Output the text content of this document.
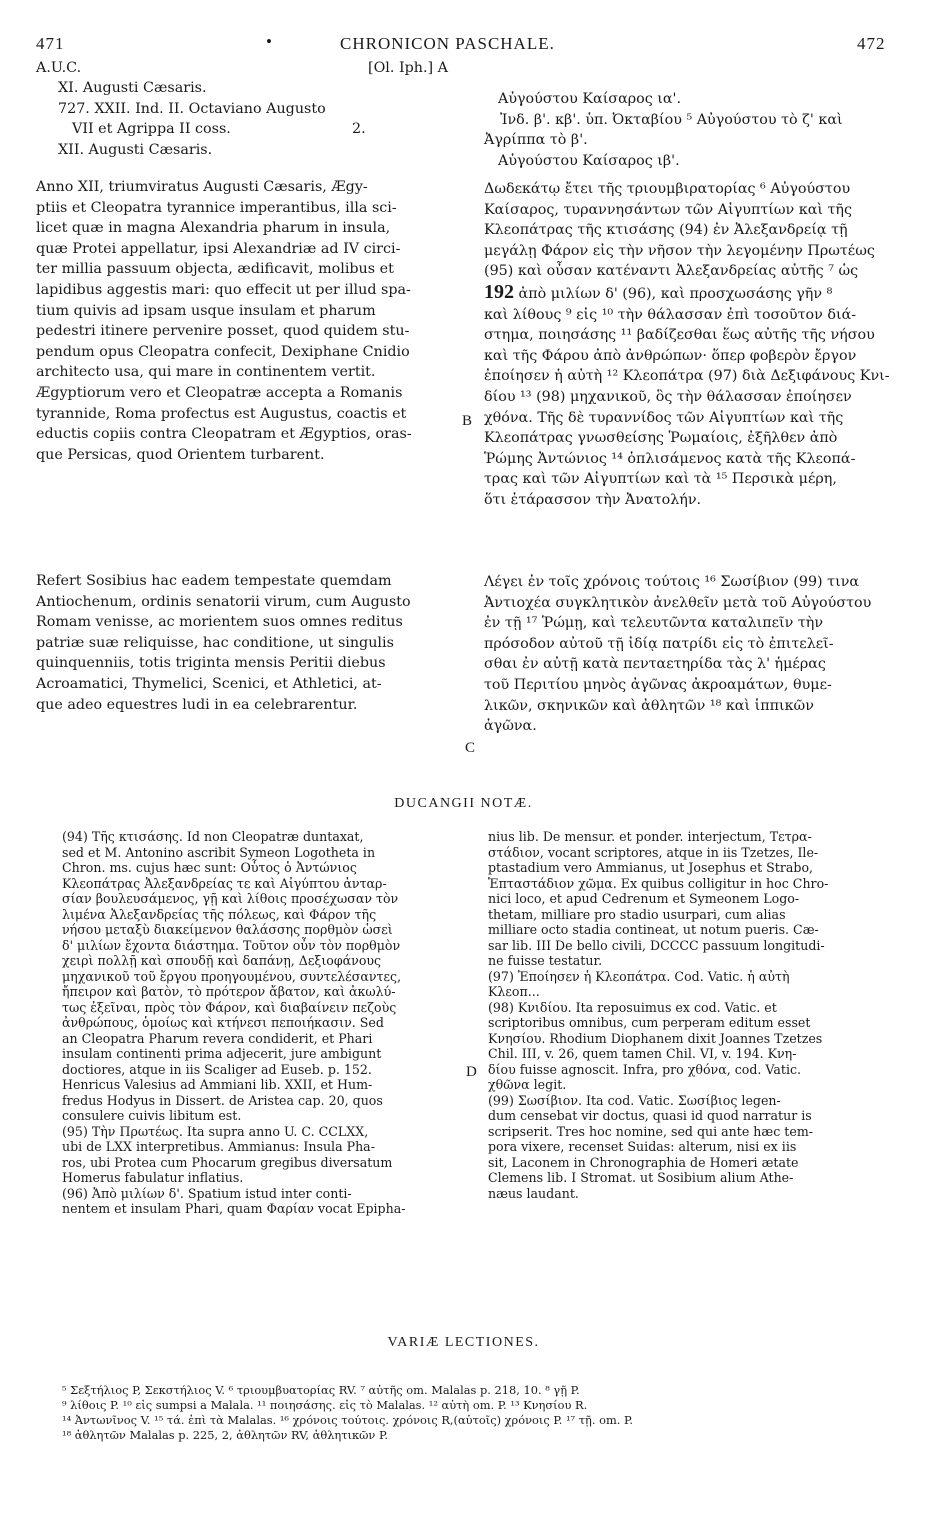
471	•	CHRONICON PASCHALE.	472
A.U.C.	[Ol. Iph.] A
XI. Augusti Cæsaris.
727. XXII. Ind. II. Octaviano Augusto
VII et Agrippa II coss.	2.
XII. Augusti Cæsaris.
Anno XII, triumviratus Augusti Cæsaris, Ægy-
ptiis et Cleopatra tyrannice imperantibus, illa sci-
licet quæ in magna Alexandria pharum in insula,
quæ Protei appellatur, ipsi Alexandriæ ad IV circi-
ter millia passuum objecta, ædificavit, molibus et
lapidibus aggestis mari: quo effecit ut per illud spa-
tium quivis ad ipsam usque insulam et pharum
pedestri itinere pervenire posset, quod quidem stu-
pendum opus Cleopatra confecit, Dexiphane Cnidio
architecto usa, qui mare in continentem vertit.
Ægyptiorum vero et Cleopatræ accepta a Romanis
tyrannide, Roma profectus est Augustus, coactis et
eductis copiis contra Cleopatram et Ægyptios, oras-
que Persicas, quod Orientem turbarent.
Refert Sosibius hac eadem tempestate quemdam
Antiochenum, ordinis senatorii virum, cum Augusto
Romam venisse, ac morientem suos omnes reditus
patriæ suæ reliquisse, hac conditione, ut singulis
quinquenniis, totis triginta mensis Peritii diebus
Acroamatici, Thymelici, Scenici, et Athletici, at-
que adeo equestres ludi in ea celebrarentur.
B
C
D
Αὐγούστου Καίσαρος ια'.
Ἰνδ. β'. κβ'. ὑπ. Ὀκταβίου ⁵ Αὐγούστου τὸ ζ' καὶ
Ἀγρίππα τὸ β'.
Αὐγούστου Καίσαρος ιβ'.
Δωδεκάτῳ ἔτει τῆς τριουμβιρατορίας ⁶ Αὐγούστου
Καίσαρος, τυραννησάντων τῶν Αἰγυπτίων καὶ τῆς
Κλεοπάτρας τῆς κτισάσης (94) ἐν Ἀλεξανδρείᾳ τῇ
μεγάλῃ Φάρον εἰς τὴν νῆσον τὴν λεγομένην Πρωτέως
(95) καὶ οὖσαν κατέναντι Ἀλεξανδρείας αὐτῆς ⁷ ὡς
192 ἀπὸ μιλίων δ' (96), καὶ προσχωσάσης γῆν ⁸
καὶ λίθους ⁹ εἰς ¹⁰ τὴν θάλασσαν ἐπὶ τοσοῦτον διά-
στημα, ποιησάσης ¹¹ βαδίζεσθαι ἕως αὐτῆς τῆς νήσου
καὶ τῆς Φάρου ἀπὸ ἀνθρώπων· ὅπερ φοβερὸν ἔργον
ἐποίησεν ἡ αὐτὴ ¹² Κλεοπάτρα (97) διὰ Δεξιφάνους Κνι-
δίου ¹³ (98) μηχανικοῦ, ὃς τὴν θάλασσαν ἐποίησεν
χθόνα. Τῆς δὲ τυραννίδος τῶν Αἰγυπτίων καὶ τῆς
Κλεοπάτρας γνωσθείσης Ῥωμαίοις, ἐξῆλθεν ἀπὸ
Ῥώμης Ἀντώνιος ¹⁴ ὁπλισάμενος κατὰ τῆς Κλεοπά-
τρας καὶ τῶν Αἰγυπτίων καὶ τὰ ¹⁵ Περσικὰ μέρη,
ὅτι ἐτάρασσον τὴν Ἀνατολήν.
Λέγει ἐν τοῖς χρόνοις τούτοις ¹⁶ Σωσίβιον (99) τινα
Ἀντιοχέα συγκλητικὸν ἀνελθεῖν μετὰ τοῦ Αὐγούστου
ἐν τῇ ¹⁷ Ῥώμῃ, καὶ τελευτῶντα καταλιπεῖν τὴν
πρόσοδον αὐτοῦ τῇ ἰδίᾳ πατρίδι εἰς τὸ ἐπιτελεῖ-
σθαι ἐν αὐτῇ κατὰ πενταετηρίδα τὰς λ' ἡμέρας
τοῦ Περιτίου μηνὸς ἀγῶνας ἀκροαμάτων, θυμε-
λικῶν, σκηνικῶν καὶ ἀθλητῶν ¹⁸ καὶ ἱππικῶν
ἀγῶνα.
DUCANGII NOTÆ.
(94) Τῆς κτισάσης. Id non Cleopatræ duntaxat,
sed et M. Antonino ascribit Symeon Logotheta in
Chron. ms. cujus hæc sunt: Οὗτος ὁ Ἀντώνιος
Κλεοπάτρας Ἀλεξανδρείας τε καὶ Αἰγύπτου ἀνταρ-
σίαν βουλευσάμενος, γῇ καὶ λίθοις προσέχωσαν τὸν
λιμένα Ἀλεξανδρείας τῆς πόλεως, καὶ Φάρον τῆς
νήσου μεταξὺ διακείμενον θαλάσσης πορθμὸν ὡσεὶ
δ' μιλίων ἔχοντα διάστημα. Τοῦτον οὖν τὸν πορθμὸν
χειρὶ πολλῇ καὶ σπουδῇ καὶ δαπάνῃ, Δεξιοφάνους
μηχανικοῦ τοῦ ἔργου προηγουμένου, συντελέσαντες,
ἤπειρον καὶ βατὸν, τὸ πρότερον ἄβατον, καὶ ἀκωλύ-
τως ἐξεῖναι, πρὸς τὸν Φάρον, καὶ διαβαίνειν πεζοὺς
ἀνθρώπους, ὁμοίως καὶ κτήνεσι πεποιήκασιν. Sed
an Cleopatra Pharum revera condiderit, et Phari
insulam continenti prima adjecerit, jure ambigunt
doctiores, atque in iis Scaliger ad Euseb. p. 152.
Henricus Valesius ad Ammiani lib. XXII, et Hum-
fredus Hodyus in Dissert. de Aristea cap. 20, quos
consulere cuivis libitum est.
(95) Τὴν Πρωτέως. Ita supra anno U. C. CCLXX,
ubi de LXX interpretibus. Ammianus: Insula Pha-
ros, ubi Protea cum Phocarum gregibus diversatum
Homerus fabulatur inflatius.
(96) Ἀπὸ μιλίων δ'. Spatium istud inter conti-
nentem et insulam Phari, quam Φαρίαν vocat Epipha-
nius lib. De mensur. et ponder. interjectum, Τετρα-
στάδιον, vocant scriptores, atque in iis Tzetzes, Ile-
ptastadium vero Ammianus, ut Josephus et Strabo,
Ἑπταστάδιον χῶμα. Ex quibus colligitur in hoc Chro-
nici loco, et apud Cedrenum et Symeonem Logo-
thetam, milliare pro stadio usurpari, cum alias
milliare octo stadia contineat, ut notum pueris. Cæ-
sar lib. III De bello civili, DCCCC passuum longitudi-
ne fuisse testatur.
(97) Ἐποίησεν ἡ Κλεοπάτρα. Cod. Vatic. ἡ αὐτὴ
Κλεοπ...
(98) Κνιδίου. Ita reposuimus ex cod. Vatic. et
scriptoribus omnibus, cum perperam editum esset
Κνησίου. Rhodium Diophanem dixit Joannes Tzetzes
Chil. III, v. 26, quem tamen Chil. VI, v. 194. Κνη-
δίου fuisse agnoscit. Infra, pro χθόνα, cod. Vatic.
χθῶνα legit.
(99) Σωσίβιον. Ita cod. Vatic. Σωσίβιος legen-
dum censebat vir doctus, quasi id quod narratur is
scripserit. Tres hoc nomine, sed qui ante hæc tem-
pora vixere, recenset Suidas: alterum, nisi ex iis
sit, Laconem in Chronographia de Homeri ætate
Clemens lib. I Stromat. ut Sosibium alium Athe-
næus laudant.
VARIÆ LECTIONES.
⁵ Σεξτήλιος P, Σεκστήλιος V. ⁶ τριουμβυατορίας RV. ⁷ αὐτῆς om. Malalas p. 218, 10. ⁸ γῇ P.
⁹ λίθοις P. ¹⁰ εἰς sumpsi a Malala. ¹¹ ποιησάσης. εἰς τὸ Malalas. ¹² αὐτὴ om. P. ¹³ Κνησίου R.
¹⁴ Ἀντωνῖνος V. ¹⁵ τά. ἐπὶ τὰ Malalas. ¹⁶ χρόνοις τούτοις. χρόνοις R,(αὐτοῖς) χρόνοις P. ¹⁷ τῇ. om. P.
¹⁸ ἀθλητῶν Malalas p. 225, 2, ἀθλητῶν RV, ἀθλητικῶν P.
